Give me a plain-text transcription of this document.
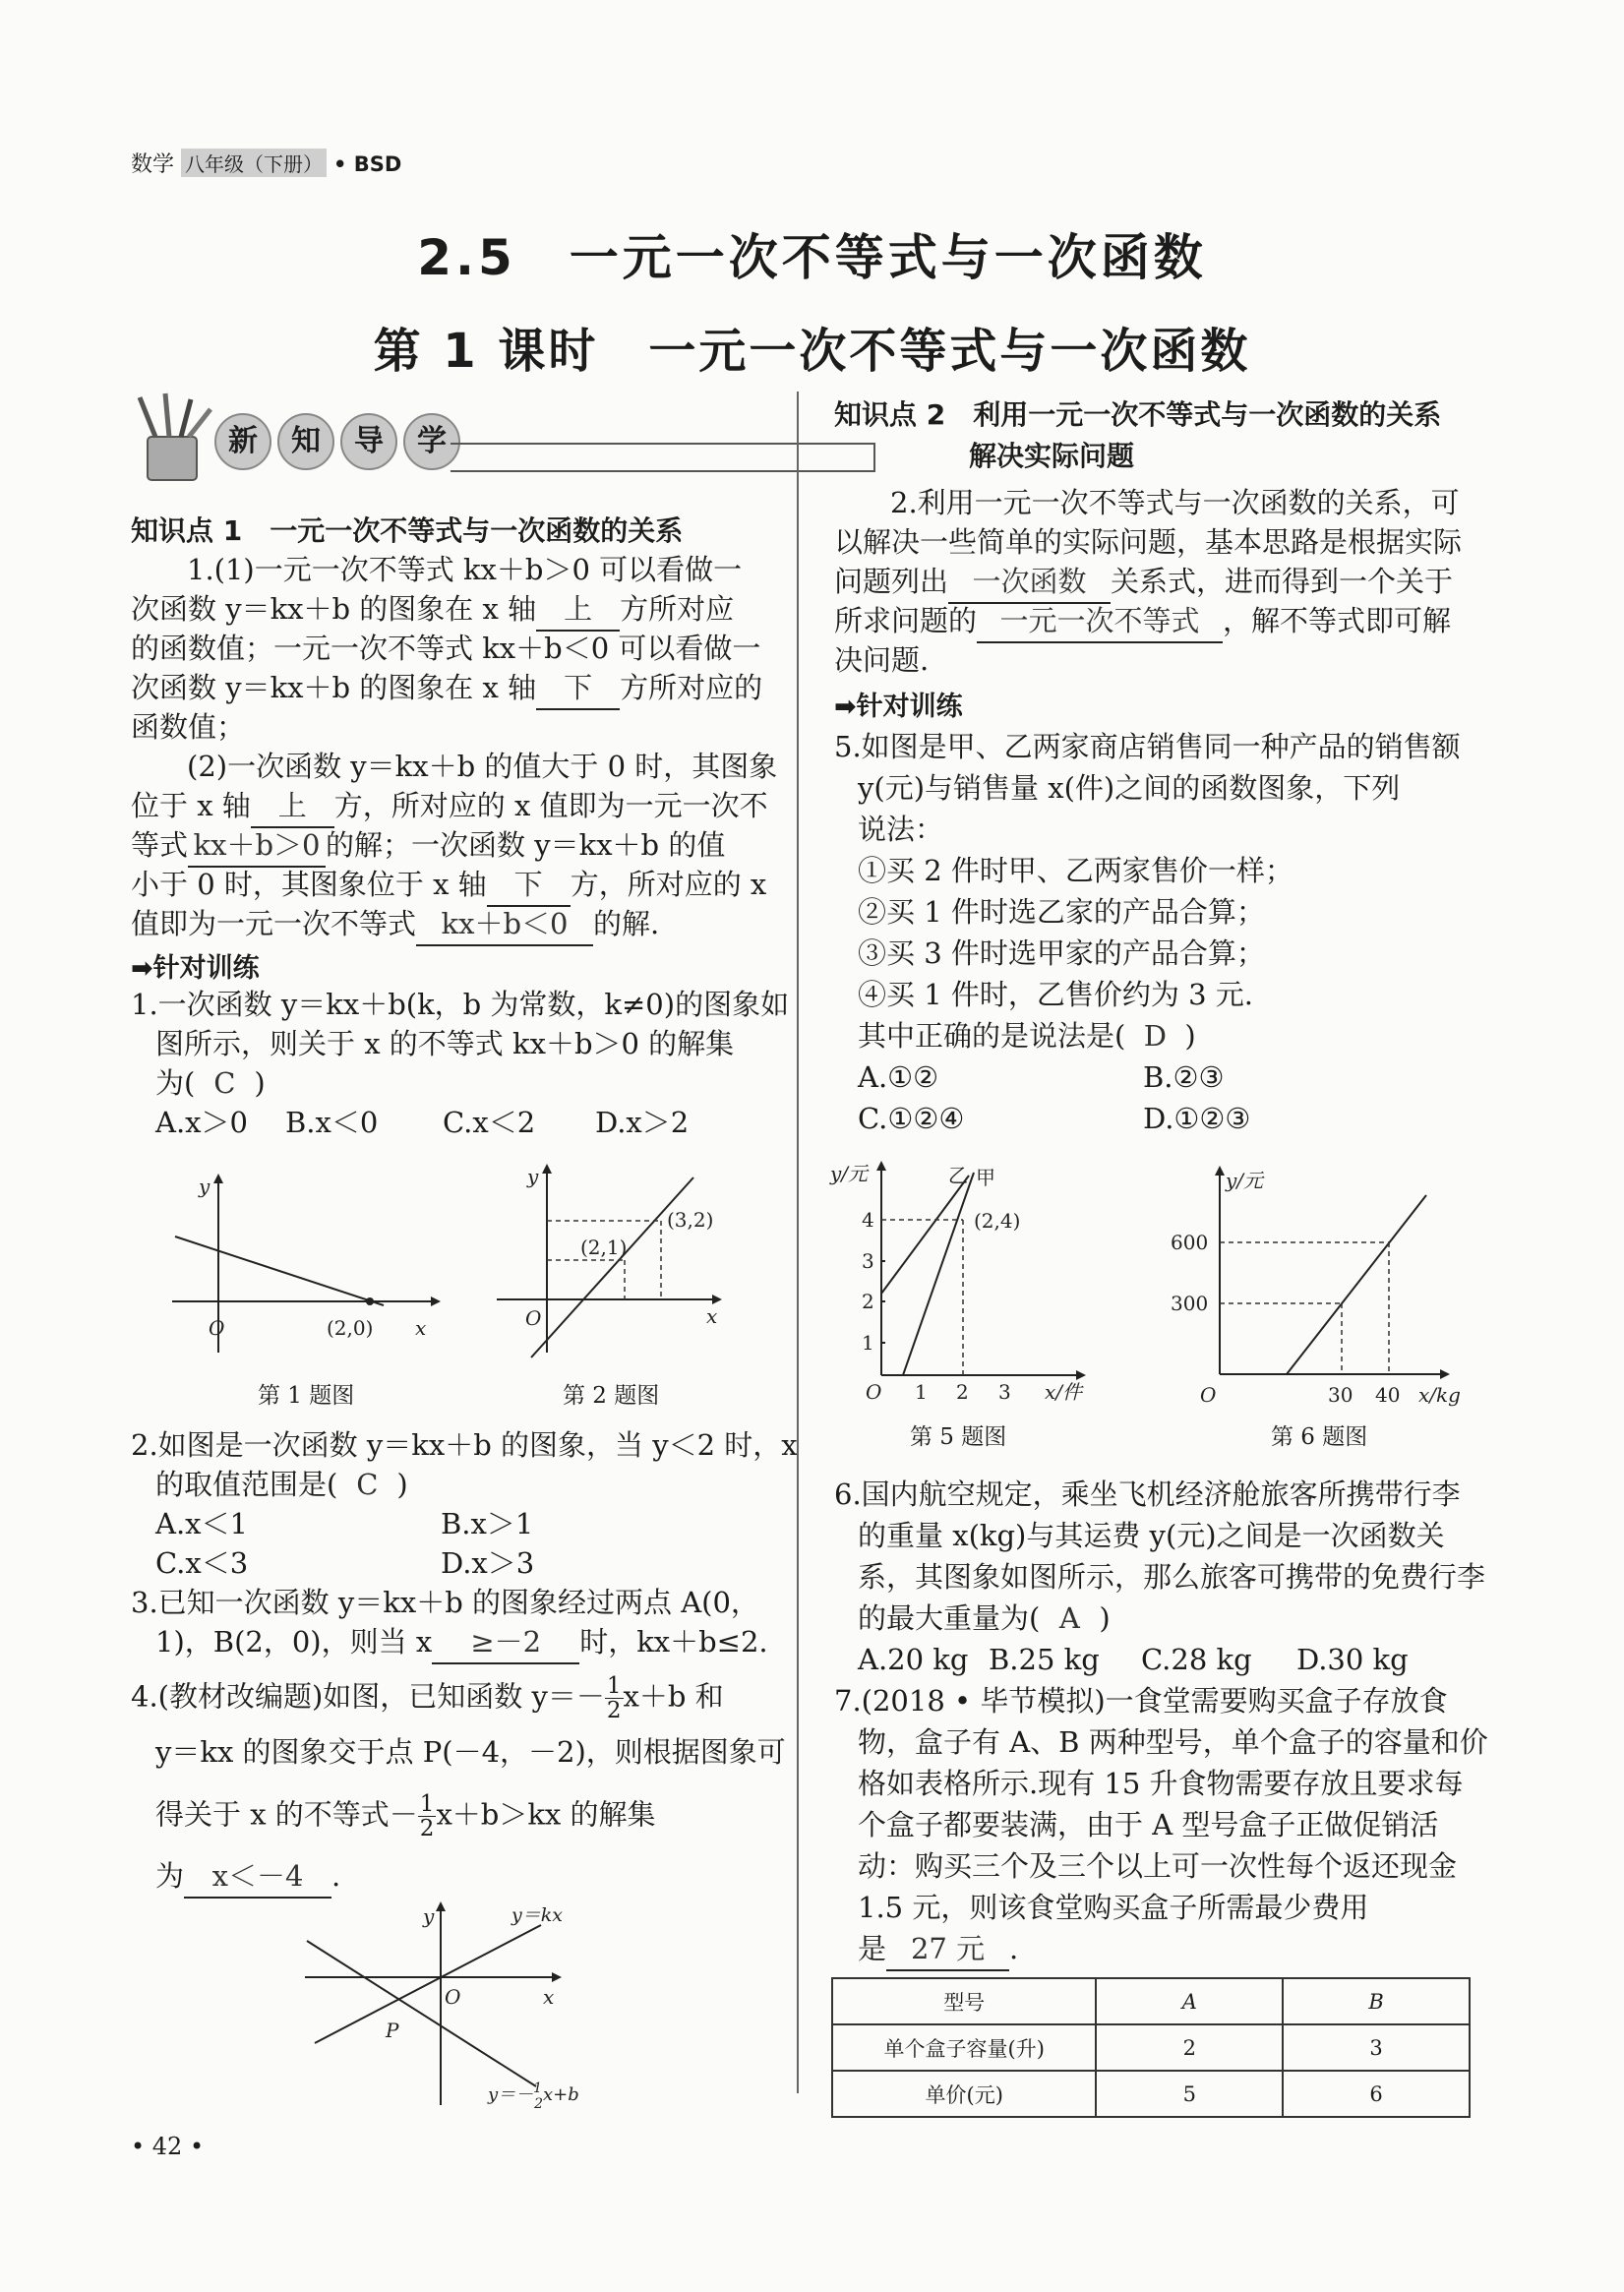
数学 八年级（下册） • BSD
2.5　一元一次不等式与一次函数
第 1 课时　一元一次不等式与一次函数
新 知 导 学
知识点 1　一元一次不等式与一次函数的关系
1.(1)一元一次不等式 kx＋b＞0 可以看做一
次函数 y＝kx＋b 的图象在 x 轴 上 方所对应
的函数值；一元一次不等式 kx＋b＜0 可以看做一
次函数 y＝kx＋b 的图象在 x 轴 下 方所对应的
函数值；
(2)一次函数 y＝kx＋b 的值大于 0 时，其图象
位于 x 轴 上 方，所对应的 x 值即为一元一次不
等式 kx＋b＞0 的解；一次函数 y＝kx＋b 的值
小于 0 时，其图象位于 x 轴 下 方，所对应的 x
值即为一元一次不等式 kx＋b＜0 的解.
➡针对训练
1.一次函数 y＝kx＋b(k，b 为常数，k≠0)的图象如
图所示，则关于 x 的不等式 kx＋b＞0 的解集
为( C )
A.x＞0 B.x＜0 C.x＜2 D.x＞2
y
O	(2,0) x
y
O
(2,1)
(3,2)
x
第 1 题图	第 2 题图
2.如图是一次函数 y＝kx＋b 的图象，当 y＜2 时，x
的取值范围是( C )
A.x＜1	B.x＞1
C.x＜3	D.x＞3
3.已知一次函数 y＝kx＋b 的图象经过两点 A(0，
1)，B(2，0)，则当 x ≥－2 时，kx＋b≤2.
4.(教材改编题)如图，已知函数 $y=- \frac{1}{2} x+b$ 和
y＝kx 的图象交于点 P(－4，－2)，则根据图象可
得关于 x 的不等式－ $\frac{1}{2} x+b>kx$ 的解集
为 x＜－4 .
y
O	x
P
y＝kx
y＝－$^1$ 2x+b
• 42 •
知识点 2　利用一元一次不等式与一次函数的关系
解决实际问题
2.利用一元一次不等式与一次函数的关系，可
以解决一些简单的实际问题，基本思路是根据实际
问题列出 一次函数 关系式，进而得到一个关于
所求问题的 一元一次不等式 ，解不等式即可解
决问题.
➡针对训练
5.如图是甲、乙两家商店销售同一种产品的销售额
y(元)与销售量 x(件)之间的函数图象，下列
说法：
①买 2 件时甲、乙两家售价一样；
②买 1 件时选乙家的产品合算；
③买 3 件时选甲家的产品合算；
④买 1 件时，乙售价约为 3 元.
其中正确的是说法是( D )
A.①②	B.②③
C.①②④	D.①②③
y/元
O 1 2 3 x/件
1
2
3
4
乙 甲
(2,4)
y/元
O	30 40 x/kg
300
600
第 5 题图	第 6 题图
6.国内航空规定，乘坐飞机经济舱旅客所携带行李
的重量 x(kg)与其运费 y(元)之间是一次函数关
系，其图象如图所示，那么旅客可携带的免费行李
的最大重量为( A )
A.20 kg B.25 kg C.28 kg D.30 kg
7.(2018 • 毕节模拟)一食堂需要购买盒子存放食
物，盒子有 A、B 两种型号，单个盒子的容量和价
格如表格所示.现有 15 升食物需要存放且要求每
个盒子都要装满，由于 A 型号盒子正做促销活
动：购买三个及三个以上可一次性每个返还现金
1.5 元，则该食堂购买盒子所需最少费用
是 27 元 .
型号	A	B
单个盒子容量(升)	2	3
单价(元)	5	6
